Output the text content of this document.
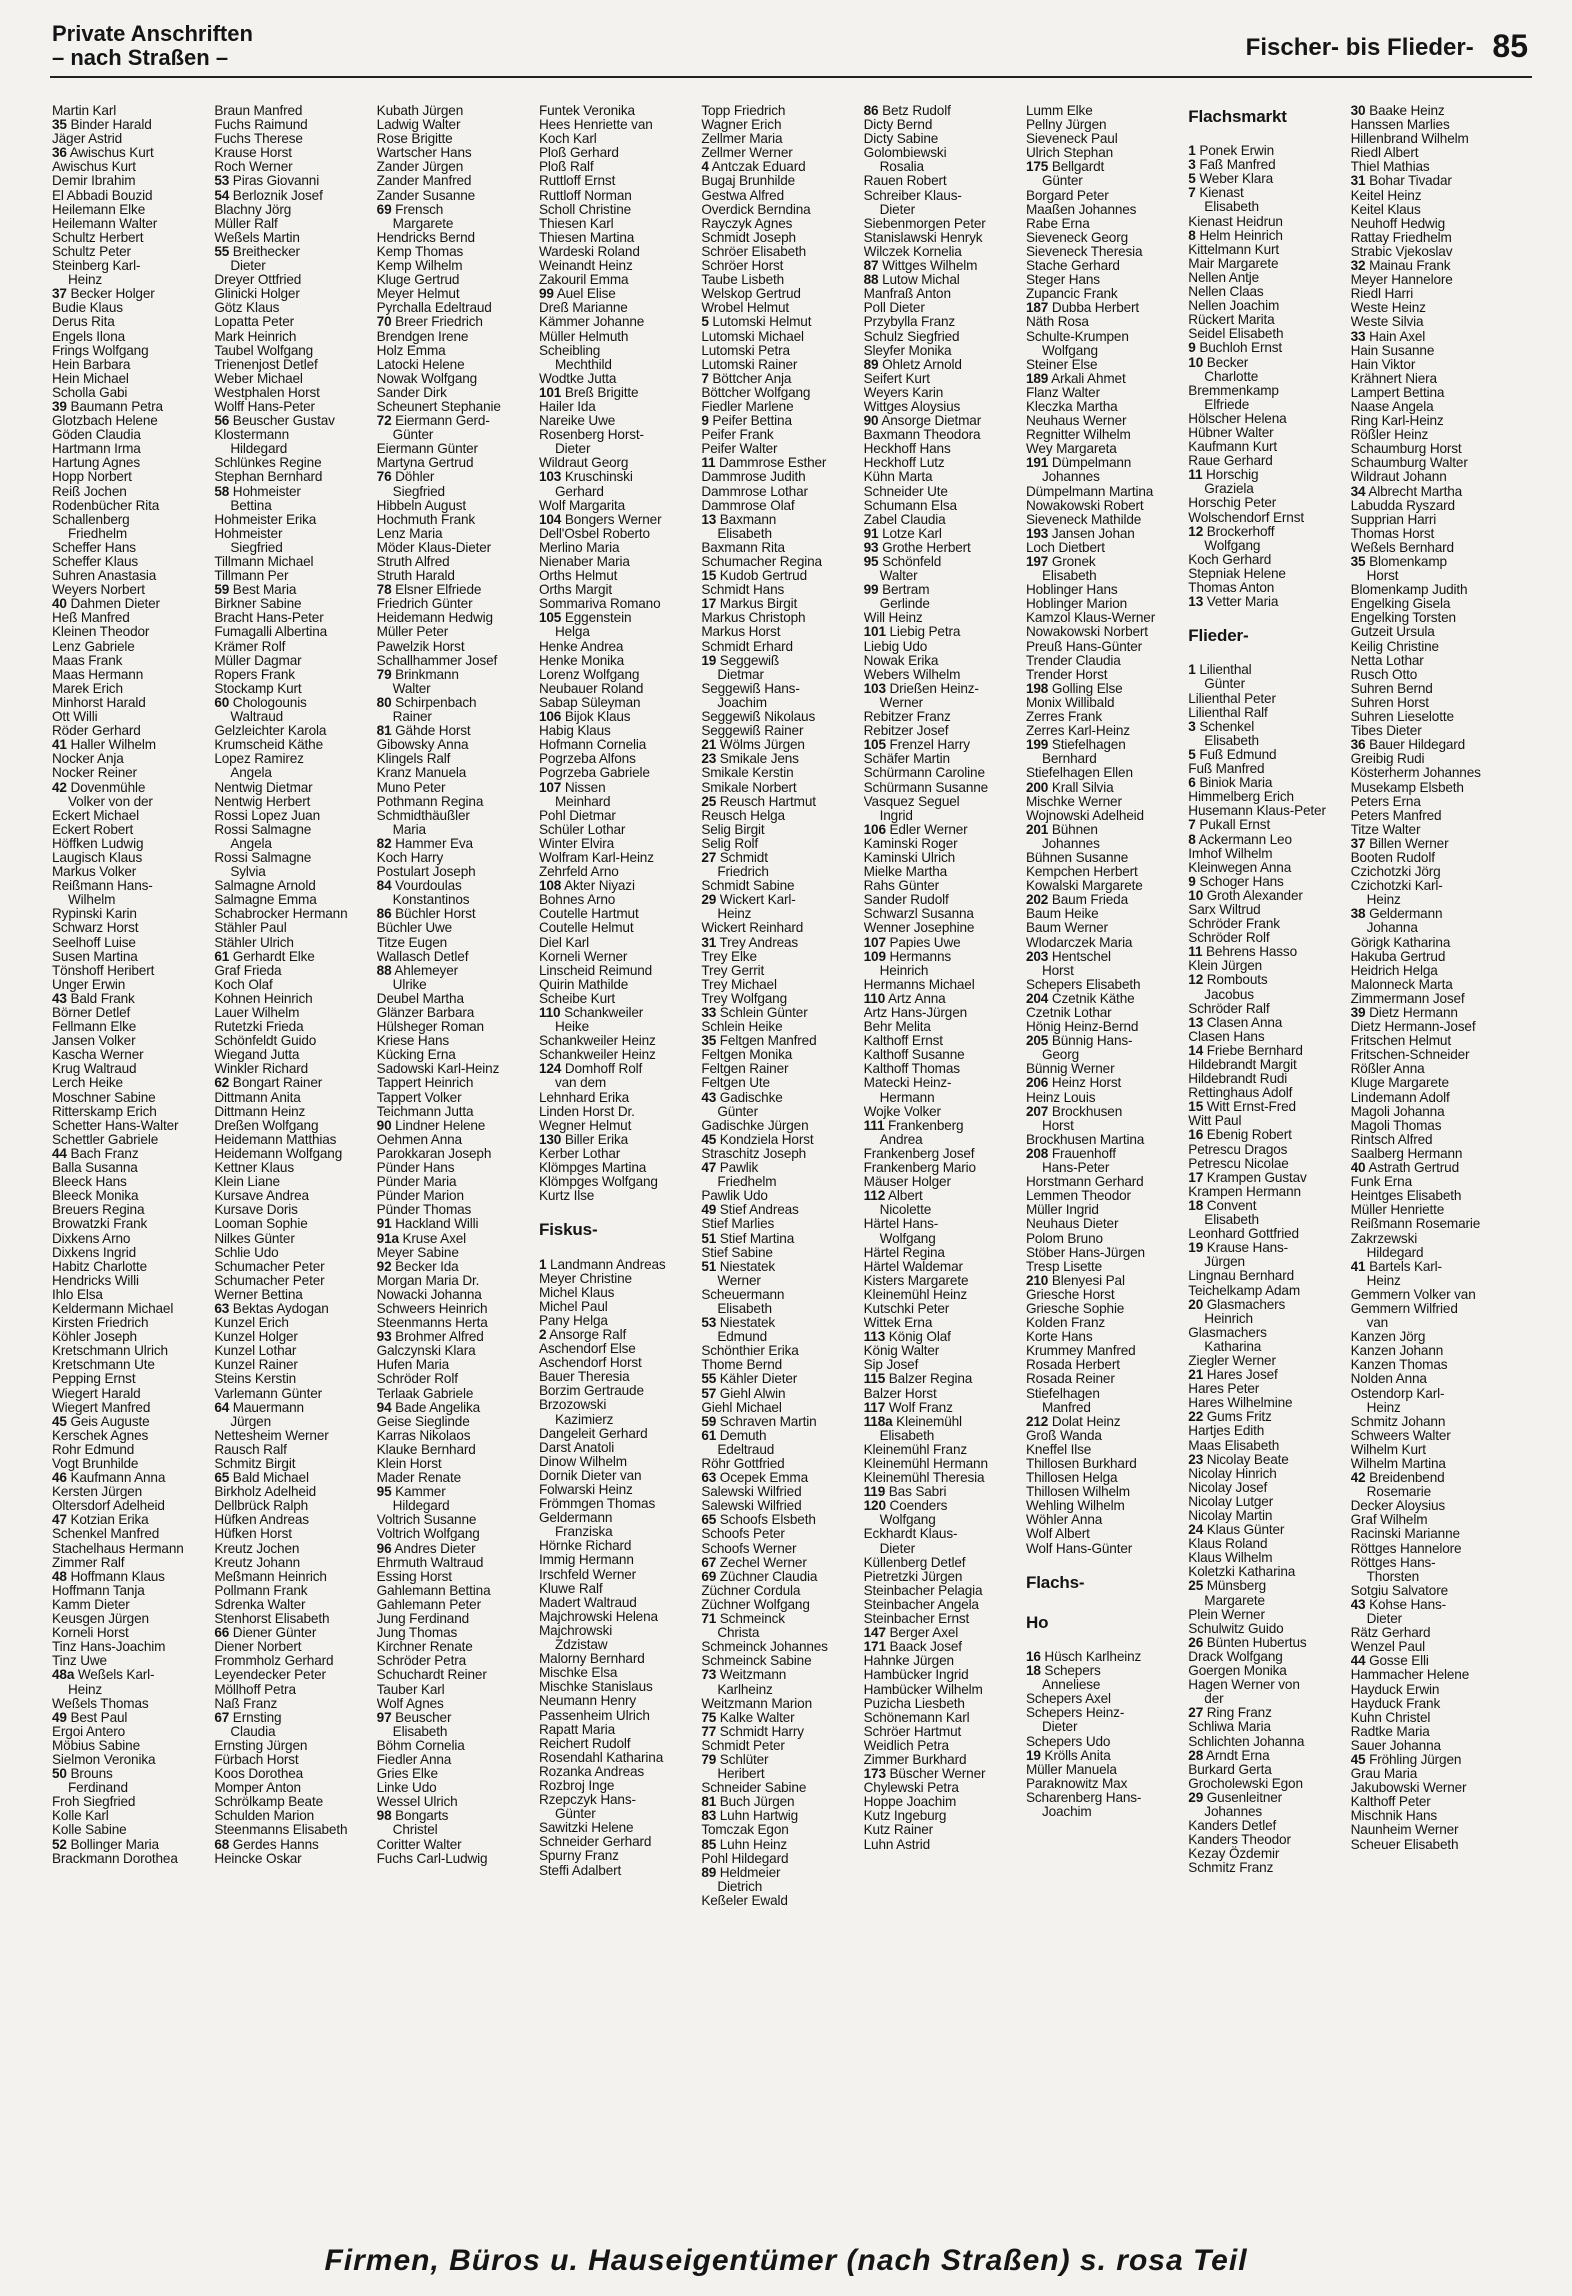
Private Anschriften
– nach Straßen –	Fischer- bis Flieder- 85
Martin Karl
35 Binder Harald
Jäger Astrid
36 Awischus Kurt
Awischus Kurt
Demir Ibrahim
El Abbadi Bouzid
Heilemann Elke
Heilemann Walter
Schultz Herbert
Schultz Peter
Steinberg Karl-
Heinz
37 Becker Holger
Budie Klaus
Derus Rita
Engels Ilona
Frings Wolfgang
Hein Barbara
Hein Michael
Scholla Gabi
39 Baumann Petra
Glotzbach Helene
Göden Claudia
Hartmann Irma
Hartung Agnes
Hopp Norbert
Reiß Jochen
Rodenbücher Rita
Schallenberg
Friedhelm
Scheffer Hans
Scheffer Klaus
Suhren Anastasia
Weyers Norbert
40 Dahmen Dieter
Heß Manfred
Kleinen Theodor
Lenz Gabriele
Maas Frank
Maas Hermann
Marek Erich
Minhorst Harald
Ott Willi
Röder Gerhard
41 Haller Wilhelm
Nocker Anja
Nocker Reiner
42 Dovenmühle
Volker von der
Eckert Michael
Eckert Robert
Höffken Ludwig
Laugisch Klaus
Markus Volker
Reißmann Hans-
Wilhelm
Rypinski Karin
Schwarz Horst
Seelhoff Luise
Susen Martina
Tönshoff Heribert
Unger Erwin
43 Bald Frank
Börner Detlef
Fellmann Elke
Jansen Volker
Kascha Werner
Krug Waltraud
Lerch Heike
Moschner Sabine
Ritterskamp Erich
Schetter Hans-Walter
Schettler Gabriele
44 Bach Franz
Balla Susanna
Bleeck Hans
Bleeck Monika
Breuers Regina
Browatzki Frank
Dixkens Arno
Dixkens Ingrid
Habitz Charlotte
Hendricks Willi
Ihlo Elsa
Keldermann Michael
Kirsten Friedrich
Köhler Joseph
Kretschmann Ulrich
Kretschmann Ute
Pepping Ernst
Wiegert Harald
Wiegert Manfred
45 Geis Auguste
Kerschek Agnes
Rohr Edmund
Vogt Brunhilde
46 Kaufmann Anna
Kersten Jürgen
Oltersdorf Adelheid
47 Kotzian Erika
Schenkel Manfred
Stachelhaus Hermann
Zimmer Ralf
48 Hoffmann Klaus
Hoffmann Tanja
Kamm Dieter
Keusgen Jürgen
Korneli Horst
Tinz Hans-Joachim
Tinz Uwe
48a Weßels Karl-
Heinz
Weßels Thomas
49 Best Paul
Ergoi Antero
Möbius Sabine
Sielmon Veronika
50 Brouns
Ferdinand
Froh Siegfried
Kolle Karl
Kolle Sabine
52 Bollinger Maria
Brackmann Dorothea
Braun Manfred
Fuchs Raimund
Fuchs Therese
Krause Horst
Roch Werner
53 Piras Giovanni
54 Berloznik Josef
Blachny Jörg
Müller Ralf
Weßels Martin
55 Breithecker
Dieter
Dreyer Ottfried
Glinicki Holger
Götz Klaus
Lopatta Peter
Mark Heinrich
Taubel Wolfgang
Trienenjost Detlef
Weber Michael
Westphalen Horst
Wolff Hans-Peter
56 Beuscher Gustav
Klostermann
Hildegard
Schlünkes Regine
Stephan Bernhard
58 Hohmeister
Bettina
Hohmeister Erika
Hohmeister
Siegfried
Tillmann Michael
Tillmann Per
59 Best Maria
Birkner Sabine
Bracht Hans-Peter
Fumagalli Albertina
Krämer Rolf
Müller Dagmar
Ropers Frank
Stockamp Kurt
60 Chologounis
Waltraud
Gelzleichter Karola
Krumscheid Käthe
Lopez Ramirez
Angela
Nentwig Dietmar
Nentwig Herbert
Rossi Lopez Juan
Rossi Salmagne
Angela
Rossi Salmagne
Sylvia
Salmagne Arnold
Salmagne Emma
Schabrocker Hermann
Stähler Paul
Stähler Ulrich
61 Gerhardt Elke
Graf Frieda
Koch Olaf
Kohnen Heinrich
Lauer Wilhelm
Rutetzki Frieda
Schönfeldt Guido
Wiegand Jutta
Winkler Richard
62 Bongart Rainer
Dittmann Anita
Dittmann Heinz
Dreßen Wolfgang
Heidemann Matthias
Heidemann Wolfgang
Kettner Klaus
Klein Liane
Kursave Andrea
Kursave Doris
Looman Sophie
Nilkes Günter
Schlie Udo
Schumacher Peter
Schumacher Peter
Werner Bettina
63 Bektas Aydogan
Kunzel Erich
Kunzel Holger
Kunzel Lothar
Kunzel Rainer
Steins Kerstin
Varlemann Günter
64 Mauermann
Jürgen
Nettesheim Werner
Rausch Ralf
Schmitz Birgit
65 Bald Michael
Birkholz Adelheid
Dellbrück Ralph
Hüfken Andreas
Hüfken Horst
Kreutz Jochen
Kreutz Johann
Meßmann Heinrich
Pollmann Frank
Sdrenka Walter
Stenhorst Elisabeth
66 Diener Günter
Diener Norbert
Frommholz Gerhard
Leyendecker Peter
Möllhoff Petra
Naß Franz
67 Ernsting
Claudia
Ernsting Jürgen
Fürbach Horst
Koos Dorothea
Momper Anton
Schrölkamp Beate
Schulden Marion
Steenmanns Elisabeth
68 Gerdes Hanns
Heincke Oskar
Kubath Jürgen
Ladwig Walter
Rose Brigitte
Wartscher Hans
Zander Jürgen
Zander Manfred
Zander Susanne
69 Frensch
Margarete
Hendricks Bernd
Kemp Thomas
Kemp Wilhelm
Kluge Gertrud
Meyer Helmut
Pyrchalla Edeltraud
70 Breer Friedrich
Brendgen Irene
Holz Emma
Latocki Helene
Nowak Wolfgang
Sander Dirk
Scheunert Stephanie
72 Eiermann Gerd-
Günter
Eiermann Günter
Martyna Gertrud
76 Döhler
Siegfried
Hibbeln August
Hochmuth Frank
Lenz Maria
Möder Klaus-Dieter
Struth Alfred
Struth Harald
78 Elsner Elfriede
Friedrich Günter
Heidemann Hedwig
Müller Peter
Pawelzik Horst
Schallhammer Josef
79 Brinkmann
Walter
80 Schirpenbach
Rainer
81 Gähde Horst
Gibowsky Anna
Klingels Ralf
Kranz Manuela
Muno Peter
Pothmann Regina
Schmidthäußler
Maria
82 Hammer Eva
Koch Harry
Postulart Joseph
84 Vourdoulas
Konstantinos
86 Büchler Horst
Büchler Uwe
Titze Eugen
Wallasch Detlef
88 Ahlemeyer
Ulrike
Deubel Martha
Glänzer Barbara
Hülsheger Roman
Kriese Hans
Kücking Erna
Sadowski Karl-Heinz
Tappert Heinrich
Tappert Volker
Teichmann Jutta
90 Lindner Helene
Oehmen Anna
Parokkaran Joseph
Pünder Hans
Pünder Maria
Pünder Marion
Pünder Thomas
91 Hackland Willi
91a Kruse Axel
Meyer Sabine
92 Becker Ida
Morgan Maria Dr.
Nowacki Johanna
Schweers Heinrich
Steenmanns Herta
93 Brohmer Alfred
Galczynski Klara
Hufen Maria
Schröder Rolf
Terlaak Gabriele
94 Bade Angelika
Geise Sieglinde
Karras Nikolaos
Klauke Bernhard
Klein Horst
Mader Renate
95 Kammer
Hildegard
Voltrich Susanne
Voltrich Wolfgang
96 Andres Dieter
Ehrmuth Waltraud
Essing Horst
Gahlemann Bettina
Gahlemann Peter
Jung Ferdinand
Jung Thomas
Kirchner Renate
Schröder Petra
Schuchardt Reiner
Tauber Karl
Wolf Agnes
97 Beuscher
Elisabeth
Böhm Cornelia
Fiedler Anna
Gries Elke
Linke Udo
Wessel Ulrich
98 Bongarts
Christel
Coritter Walter
Fuchs Carl-Ludwig
Funtek Veronika
Hees Henriette van
Koch Karl
Ploß Gerhard
Ploß Ralf
Ruttloff Ernst
Ruttloff Norman
Scholl Christine
Thiesen Karl
Thiesen Martina
Wardeski Roland
Weinandt Heinz
Zakouril Emma
99 Auel Elise
Dreß Marianne
Kämmer Johanne
Müller Helmuth
Scheibling
Mechthild
Wodtke Jutta
101 Breß Brigitte
Hailer Ida
Nareike Uwe
Rosenberg Horst-
Dieter
Wildraut Georg
103 Kruschinski
Gerhard
Wolf Margarita
104 Bongers Werner
Dell'Osbel Roberto
Merlino Maria
Nienaber Maria
Orths Helmut
Orths Margit
Sommariva Romano
105 Eggenstein
Helga
Henke Andrea
Henke Monika
Lorenz Wolfgang
Neubauer Roland
Sabap Süleyman
106 Bijok Klaus
Habig Klaus
Hofmann Cornelia
Pogrzeba Alfons
Pogrzeba Gabriele
107 Nissen
Meinhard
Pohl Dietmar
Schüler Lothar
Winter Elvira
Wolfram Karl-Heinz
Zehrfeld Arno
108 Akter Niyazi
Bohnes Arno
Coutelle Hartmut
Coutelle Helmut
Diel Karl
Korneli Werner
Linscheid Reimund
Quirin Mathilde
Scheibe Kurt
110 Schankweiler
Heike
Schankweiler Heinz
Schankweiler Heinz
124 Domhoff Rolf
van dem
Lehnhard Erika
Linden Horst Dr.
Wegner Helmut
130 Biller Erika
Kerber Lothar
Klömpges Martina
Klömpges Wolfgang
Kurtz Ilse
Fiskus-
1 Landmann Andreas
Meyer Christine
Michel Klaus
Michel Paul
Pany Helga
2 Ansorge Ralf
Aschendorf Else
Aschendorf Horst
Bauer Theresia
Borzim Gertraude
Brzozowski
Kazimierz
Dangeleit Gerhard
Darst Anatoli
Dinow Wilhelm
Dornik Dieter van
Folwarski Heinz
Frömmgen Thomas
Geldermann
Franziska
Hörnke Richard
Immig Hermann
Irschfeld Werner
Kluwe Ralf
Madert Waltraud
Majchrowski Helena
Majchrowski
Zdzistaw
Malorny Bernhard
Mischke Elsa
Mischke Stanislaus
Neumann Henry
Passenheim Ulrich
Rapatt Maria
Reichert Rudolf
Rosendahl Katharina
Rozanka Andreas
Rozbroj Inge
Rzepczyk Hans-
Günter
Sawitzki Helene
Schneider Gerhard
Spurny Franz
Steffi Adalbert
Topp Friedrich
Wagner Erich
Zellmer Maria
Zellmer Werner
4 Antczak Eduard
Bugaj Brunhilde
Gestwa Alfred
Overdick Berndina
Rayczyk Agnes
Schmidt Joseph
Schröer Elisabeth
Schröer Horst
Taube Lisbeth
Welskop Gertrud
Wrobel Helmut
5 Lutomski Helmut
Lutomski Michael
Lutomski Petra
Lutomski Rainer
7 Böttcher Anja
Böttcher Wolfgang
Fiedler Marlene
9 Peifer Bettina
Peifer Frank
Peifer Walter
11 Dammrose Esther
Dammrose Judith
Dammrose Lothar
Dammrose Olaf
13 Baxmann
Elisabeth
Baxmann Rita
Schumacher Regina
15 Kudob Gertrud
Schmidt Hans
17 Markus Birgit
Markus Christoph
Markus Horst
Schmidt Erhard
19 Seggewiß
Dietmar
Seggewiß Hans-
Joachim
Seggewiß Nikolaus
Seggewiß Rainer
21 Wölms Jürgen
23 Smikale Jens
Smikale Kerstin
Smikale Norbert
25 Reusch Hartmut
Reusch Helga
Selig Birgit
Selig Rolf
27 Schmidt
Friedrich
Schmidt Sabine
29 Wickert Karl-
Heinz
Wickert Reinhard
31 Trey Andreas
Trey Elke
Trey Gerrit
Trey Michael
Trey Wolfgang
33 Schlein Günter
Schlein Heike
35 Feltgen Manfred
Feltgen Monika
Feltgen Rainer
Feltgen Ute
43 Gadischke
Günter
Gadischke Jürgen
45 Kondziela Horst
Straschitz Joseph
47 Pawlik
Friedhelm
Pawlik Udo
49 Stief Andreas
Stief Marlies
51 Stief Martina
Stief Sabine
51 Niestatek
Werner
Scheuermann
Elisabeth
53 Niestatek
Edmund
Schönthier Erika
Thome Bernd
55 Kähler Dieter
57 Giehl Alwin
Giehl Michael
59 Schraven Martin
61 Demuth
Edeltraud
Röhr Gottfried
63 Ocepek Emma
Salewski Wilfried
Salewski Wilfried
65 Schoofs Elsbeth
Schoofs Peter
Schoofs Werner
67 Zechel Werner
69 Züchner Claudia
Züchner Cordula
Züchner Wolfgang
71 Schmeinck
Christa
Schmeinck Johannes
Schmeinck Sabine
73 Weitzmann
Karlheinz
Weitzmann Marion
75 Kalke Walter
77 Schmidt Harry
Schmidt Peter
79 Schlüter
Heribert
Schneider Sabine
81 Buch Jürgen
83 Luhn Hartwig
Tomczak Egon
85 Luhn Heinz
Pohl Hildegard
89 Heldmeier
Dietrich
Keßeler Ewald
86 Betz Rudolf
Dicty Bernd
Dicty Sabine
Golombiewski
Rosalia
Rauen Robert
Schreiber Klaus-
Dieter
Siebenmorgen Peter
Stanislawski Henryk
Wilczek Kornelia
87 Wittges Wilhelm
88 Lutow Michal
Manfraß Anton
Poll Dieter
Przybylla Franz
Schulz Siegfried
Sleyfer Monika
89 Ohletz Arnold
Seifert Kurt
Weyers Karin
Wittges Aloysius
90 Ansorge Dietmar
Baxmann Theodora
Heckhoff Hans
Heckhoff Lutz
Kühn Marta
Schneider Ute
Schumann Elsa
Zabel Claudia
91 Lotze Karl
93 Grothe Herbert
95 Schönfeld
Walter
99 Bertram
Gerlinde
Will Heinz
101 Liebig Petra
Liebig Udo
Nowak Erika
Webers Wilhelm
103 Drießen Heinz-
Werner
Rebitzer Franz
Rebitzer Josef
105 Frenzel Harry
Schäfer Martin
Schürmann Caroline
Schürmann Susanne
Vasquez Seguel
Ingrid
106 Edler Werner
Kaminski Roger
Kaminski Ulrich
Mielke Martha
Rahs Günter
Sander Rudolf
Schwarzl Susanna
Wenner Josephine
107 Papies Uwe
109 Hermanns
Heinrich
Hermanns Michael
110 Artz Anna
Artz Hans-Jürgen
Behr Melita
Kalthoff Ernst
Kalthoff Susanne
Kalthoff Thomas
Matecki Heinz-
Hermann
Wojke Volker
111 Frankenberg
Andrea
Frankenberg Josef
Frankenberg Mario
Mäuser Holger
112 Albert
Nicolette
Härtel Hans-
Wolfgang
Härtel Regina
Härtel Waldemar
Kisters Margarete
Kleinemühl Heinz
Kutschki Peter
Wittek Erna
113 König Olaf
König Walter
Sip Josef
115 Balzer Regina
Balzer Horst
117 Wolf Franz
118a Kleinemühl
Elisabeth
Kleinemühl Franz
Kleinemühl Hermann
Kleinemühl Theresia
119 Bas Sabri
120 Coenders
Wolfgang
Eckhardt Klaus-
Dieter
Küllenberg Detlef
Pietretzki Jürgen
Steinbacher Pelagia
Steinbacher Angela
Steinbacher Ernst
147 Berger Axel
171 Baack Josef
Hahnke Jürgen
Hambücker Ingrid
Hambücker Wilhelm
Puzicha Liesbeth
Schönemann Karl
Schröer Hartmut
Weidlich Petra
Zimmer Burkhard
173 Büscher Werner
Chylewski Petra
Hoppe Joachim
Kutz Ingeburg
Kutz Rainer
Luhn Astrid
Lumm Elke
Pellny Jürgen
Sieveneck Paul
Ulrich Stephan
175 Bellgardt
Günter
Borgard Peter
Maaßen Johannes
Rabe Erna
Sieveneck Georg
Sieveneck Theresia
Stache Gerhard
Steger Hans
Zupancic Frank
187 Dubba Herbert
Näth Rosa
Schulte-Krumpen
Wolfgang
Steiner Else
189 Arkali Ahmet
Flanz Walter
Kleczka Martha
Neuhaus Werner
Regnitter Wilhelm
Wey Margareta
191 Dümpelmann
Johannes
Dümpelmann Martina
Nowakowski Robert
Sieveneck Mathilde
193 Jansen Johan
Loch Dietbert
197 Gronek
Elisabeth
Hoblinger Hans
Hoblinger Marion
Kamzol Klaus-Werner
Nowakowski Norbert
Preuß Hans-Günter
Trender Claudia
Trender Horst
198 Golling Else
Monix Willibald
Zerres Frank
Zerres Karl-Heinz
199 Stiefelhagen
Bernhard
Stiefelhagen Ellen
200 Krall Silvia
Mischke Werner
Wojnowski Adelheid
201 Bühnen
Johannes
Bühnen Susanne
Kempchen Herbert
Kowalski Margarete
202 Baum Frieda
Baum Heike
Baum Werner
Wlodarczek Maria
203 Hentschel
Horst
Schepers Elisabeth
204 Czetnik Käthe
Czetnik Lothar
Hönig Heinz-Bernd
205 Bünnig Hans-
Georg
Bünnig Werner
206 Heinz Horst
Heinz Louis
207 Brockhusen
Horst
Brockhusen Martina
208 Frauenhoff
Hans-Peter
Horstmann Gerhard
Lemmen Theodor
Müller Ingrid
Neuhaus Dieter
Polom Bruno
Stöber Hans-Jürgen
Tresp Lisette
210 Blenyesi Pal
Griesche Horst
Griesche Sophie
Kolden Franz
Korte Hans
Krummey Manfred
Rosada Herbert
Rosada Reiner
Stiefelhagen
Manfred
212 Dolat Heinz
Groß Wanda
Kneffel Ilse
Thillosen Burkhard
Thillosen Helga
Thillosen Wilhelm
Wehling Wilhelm
Wöhler Anna
Wolf Albert
Wolf Hans-Günter
Flachs-
Ho
16 Hüsch Karlheinz
18 Schepers
Anneliese
Schepers Axel
Schepers Heinz-
Dieter
Schepers Udo
19 Krölls Anita
Müller Manuela
Paraknowitz Max
Scharenberg Hans-
Joachim
Flachsmarkt
1 Ponek Erwin
3 Faß Manfred
5 Weber Klara
7 Kienast
Elisabeth
Kienast Heidrun
8 Helm Heinrich
Kittelmann Kurt
Mair Margarete
Nellen Antje
Nellen Claas
Nellen Joachim
Rückert Marita
Seidel Elisabeth
9 Buchloh Ernst
10 Becker
Charlotte
Bremmenkamp
Elfriede
Hölscher Helena
Hübner Walter
Kaufmann Kurt
Raue Gerhard
11 Horschig
Graziela
Horschig Peter
Wolschendorf Ernst
12 Brockerhoff
Wolfgang
Koch Gerhard
Stepniak Helene
Thomas Anton
13 Vetter Maria
Flieder-
1 Lilienthal
Günter
Lilienthal Peter
Lilienthal Ralf
3 Schenkel
Elisabeth
5 Fuß Edmund
Fuß Manfred
6 Biniok Maria
Himmelberg Erich
Husemann Klaus-Peter
7 Pukall Ernst
8 Ackermann Leo
Imhof Wilhelm
Kleinwegen Anna
9 Schoger Hans
10 Groth Alexander
Sarx Wiltrud
Schröder Frank
Schröder Rolf
11 Behrens Hasso
Klein Jürgen
12 Rombouts
Jacobus
Schröder Ralf
13 Clasen Anna
Clasen Hans
14 Friebe Bernhard
Hildebrandt Margit
Hildebrandt Rudi
Rettinghaus Adolf
15 Witt Ernst-Fred
Witt Paul
16 Ebenig Robert
Petrescu Dragos
Petrescu Nicolae
17 Krampen Gustav
Krampen Hermann
18 Convent
Elisabeth
Leonhard Gottfried
19 Krause Hans-
Jürgen
Lingnau Bernhard
Teichelkamp Adam
20 Glasmachers
Heinrich
Glasmachers
Katharina
Ziegler Werner
21 Hares Josef
Hares Peter
Hares Wilhelmine
22 Gums Fritz
Hartjes Edith
Maas Elisabeth
23 Nicolay Beate
Nicolay Hinrich
Nicolay Josef
Nicolay Lutger
Nicolay Martin
24 Klaus Günter
Klaus Roland
Klaus Wilhelm
Koletzki Katharina
25 Münsberg
Margarete
Plein Werner
Schulwitz Guido
26 Bünten Hubertus
Drack Wolfgang
Goergen Monika
Hagen Werner von
der
27 Ring Franz
Schliwa Maria
Schlichten Johanna
28 Arndt Erna
Burkard Gerta
Grocholewski Egon
29 Gusenleitner
Johannes
Kanders Detlef
Kanders Theodor
Kezay Özdemir
Schmitz Franz
30 Baake Heinz
Hanssen Marlies
Hillenbrand Wilhelm
Riedl Albert
Thiel Mathias
31 Bohar Tivadar
Keitel Heinz
Keitel Klaus
Neuhoff Hedwig
Rattay Friedhelm
Strabic Vjekoslav
32 Mainau Frank
Meyer Hannelore
Riedl Harri
Weste Heinz
Weste Silvia
33 Hain Axel
Hain Susanne
Hain Viktor
Krähnert Niera
Lampert Bettina
Naase Angela
Ring Karl-Heinz
Rößler Heinz
Schaumburg Horst
Schaumburg Walter
Wildraut Johann
34 Albrecht Martha
Labudda Ryszard
Supprian Harri
Thomas Horst
Weßels Bernhard
35 Blomenkamp
Horst
Blomenkamp Judith
Engelking Gisela
Engelking Torsten
Gutzeit Ursula
Keilig Christine
Netta Lothar
Rusch Otto
Suhren Bernd
Suhren Horst
Suhren Lieselotte
Tibes Dieter
36 Bauer Hildegard
Greibig Rudi
Kösterherm Johannes
Musekamp Elsbeth
Peters Erna
Peters Manfred
Titze Walter
37 Billen Werner
Booten Rudolf
Czichotzki Jörg
Czichotzki Karl-
Heinz
38 Geldermann
Johanna
Görigk Katharina
Hakuba Gertrud
Heidrich Helga
Malonneck Marta
Zimmermann Josef
39 Dietz Hermann
Dietz Hermann-Josef
Fritschen Helmut
Fritschen-Schneider
Rößler Anna
Kluge Margarete
Lindemann Adolf
Magoli Johanna
Magoli Thomas
Rintsch Alfred
Saalberg Hermann
40 Astrath Gertrud
Funk Erna
Heintges Elisabeth
Müller Henriette
Reißmann Rosemarie
Zakrzewski
Hildegard
41 Bartels Karl-
Heinz
Gemmern Volker van
Gemmern Wilfried
van
Kanzen Jörg
Kanzen Johann
Kanzen Thomas
Nolden Anna
Ostendorp Karl-
Heinz
Schmitz Johann
Schweers Walter
Wilhelm Kurt
Wilhelm Martina
42 Breidenbend
Rosemarie
Decker Aloysius
Graf Wilhelm
Racinski Marianne
Röttges Hannelore
Röttges Hans-
Thorsten
Sotgiu Salvatore
43 Kohse Hans-
Dieter
Rätz Gerhard
Wenzel Paul
44 Gosse Elli
Hammacher Helene
Hayduck Erwin
Hayduck Frank
Kuhn Christel
Radtke Maria
Sauer Johanna
45 Fröhling Jürgen
Grau Maria
Jakubowski Werner
Kalthoff Peter
Mischnik Hans
Naunheim Werner
Scheuer Elisabeth
Firmen, Büros u. Hauseigentümer (nach Straßen) s. rosa Teil
